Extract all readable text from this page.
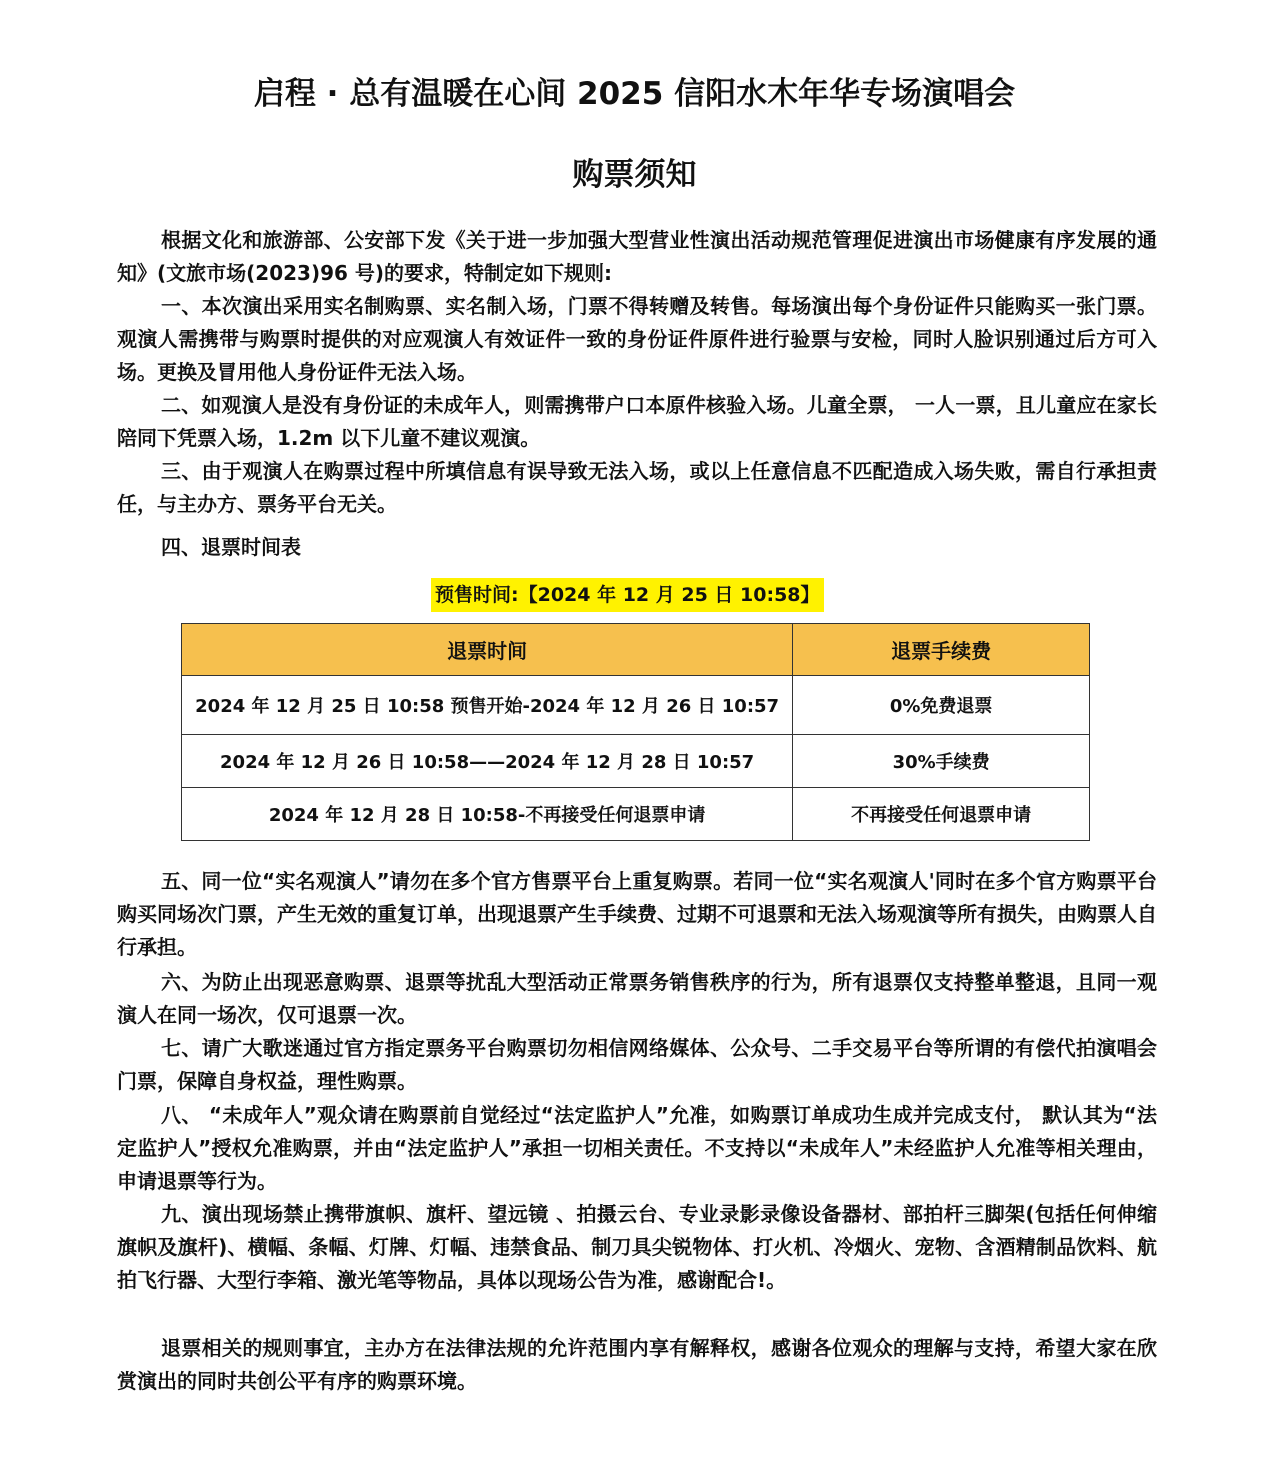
启程 · 总有温暖在心间 2025 信阳水木年华专场演唱会
购票须知

根据文化和旅游部、公安部下发《关于进一步加强大型营业性演出活动规范管理促进演出市场健康有序发展的通知》(文旅市场(2023)96 号)的要求，特制定如下规则:

一、本次演出采用实名制购票、实名制入场，门票不得转赠及转售。每场演出每个身份证件只能购买一张门票。观演人需携带与购票时提供的对应观演人有效证件一致的身份证件原件进行验票与安检，同时人脸识别通过后方可入场。更换及冒用他人身份证件无法入场。

二、如观演人是没有身份证的未成年人，则需携带户口本原件核验入场。儿童全票， 一人一票，且儿童应在家长陪同下凭票入场，1.2m 以下儿童不建议观演。

三、由于观演人在购票过程中所填信息有误导致无法入场，或以上任意信息不匹配造成入场失败，需自行承担责任，与主办方、票务平台无关。

四、退票时间表

预售时间:【2024 年 12 月 25 日 10:58】
退票时间	退票手续费
2024 年 12 月 25 日 10:58 预售开始-2024 年 12 月 26 日 10:57	0%免费退票
2024 年 12 月 26 日 10:58——2024 年 12 月 28 日 10:57	30%手续费
2024 年 12 月 28 日 10:58-不再接受任何退票申请	不再接受任何退票申请

五、同一位“实名观演人”请勿在多个官方售票平台上重复购票。若同一位“实名观演人'同时在多个官方购票平台购买同场次门票，产生无效的重复订单，出现退票产生手续费、过期不可退票和无法入场观演等所有损失，由购票人自行承担。

六、为防止出现恶意购票、退票等扰乱大型活动正常票务销售秩序的行为，所有退票仅支持整单整退，且同一观演人在同一场次，仅可退票一次。

七、请广大歌迷通过官方指定票务平台购票切勿相信网络媒体、公众号、二手交易平台等所谓的有偿代拍演唱会门票，保障自身权益，理性购票。

八、 “未成年人”观众请在购票前自觉经过“法定监护人”允准，如购票订单成功生成并完成支付， 默认其为“法定监护人”授权允准购票，并由“法定监护人”承担一切相关责任。不支持以“未成年人”未经监护人允准等相关理由，申请退票等行为。

九、演出现场禁止携带旗帜、旗杆、望远镜 、拍摄云台、专业录影录像设备器材、部拍杆三脚架(包括任何伸缩旗帜及旗杆)、横幅、条幅、灯牌、灯幅、违禁食品、制刀具尖锐物体、打火机、冷烟火、宠物、含酒精制品饮料、航拍飞行器、大型行李箱、激光笔等物品，具体以现场公告为准，感谢配合!。

退票相关的规则事宜，主办方在法律法规的允许范围内享有解释权，感谢各位观众的理解与支持，希望大家在欣赏演出的同时共创公平有序的购票环境。
